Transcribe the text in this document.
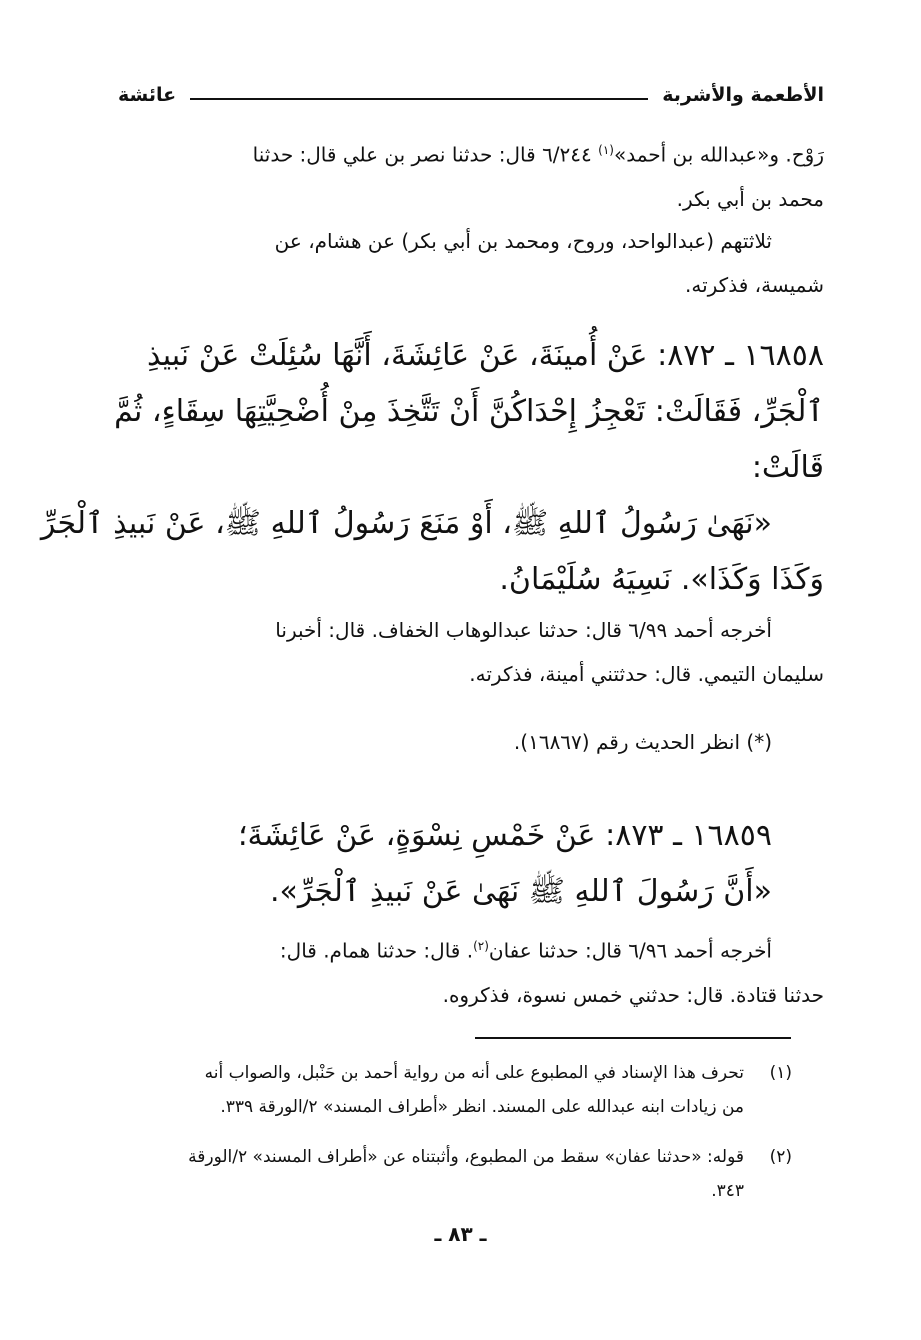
الأطعمة والأشربة
عائشة
رَوْح. و«عبدالله بن أحمد»$^{(١)}$ ٦/٢٤٤ قال: حدثنا نصر بن علي قال: حدثنا
محمد بن أبي بكر.
ثلاثتهم (عبدالواحد، وروح، ومحمد بن أبي بكر) عن هشام، عن
شميسة، فذكرته.
١٦٨٥٨ ـ ٨٧٢: عَنْ أُمينَةَ، عَنْ عَائِشَةَ، أَنَّهَا سُئِلَتْ عَنْ نَبيذِ
ٱلْجَرِّ، فَقَالَتْ: تَعْجِزُ إِحْدَاكُنَّ أَنْ تَتَّخِذَ مِنْ أُضْحِيَّتِهَا سِقَاءٍ، ثُمَّ
قَالَتْ:
«نَهَىٰ رَسُولُ ٱللهِ ﷺ، أَوْ مَنَعَ رَسُولُ ٱللهِ ﷺ، عَنْ نَبيذِ ٱلْجَرِّ
وَكَذَا وَكَذَا». نَسِيَهُ سُلَيْمَانُ.
أخرجه أحمد ٦/٩٩ قال: حدثنا عبدالوهاب الخفاف. قال: أخبرنا
سليمان التيمي. قال: حدثتني أمينة، فذكرته.
(*) انظر الحديث رقم (١٦٨٦٧).
١٦٨٥٩ ـ ٨٧٣: عَنْ خَمْسِ نِسْوَةٍ، عَنْ عَائِشَةَ؛
«أَنَّ رَسُولَ ٱللهِ ﷺ نَهَىٰ عَنْ نَبيذِ ٱلْجَرِّ».
أخرجه أحمد ٦/٩٦ قال: حدثنا عفان$^{(٢)}$. قال: حدثنا همام. قال:
حدثنا قتادة. قال: حدثني خمس نسوة، فذكروه.
(١)
تحرف هذا الإسناد في المطبوع على أنه من رواية أحمد بن حَنْبل، والصواب أنه
من زيادات ابنه عبدالله على المسند. انظر «أطراف المسند» ٢/الورقة ٣٣٩.
(٢)
قوله: «حدثنا عفان» سقط من المطبوع، وأثبتناه عن «أطراف المسند» ٢/الورقة
٣٤٣.
ـ ٨٣ ـ
